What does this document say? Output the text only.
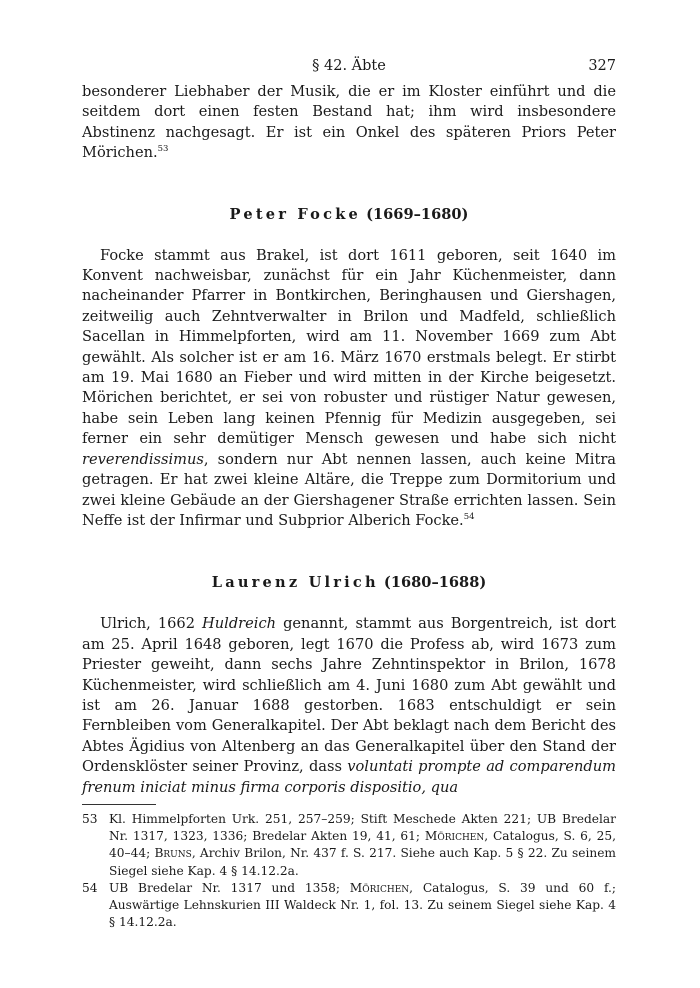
§ 42. Äbte	327

besonderer Liebhaber der Musik, die er im Kloster einführt und die seitdem dort einen festen Bestand hat; ihm wird insbesondere Abstinenz nachgesagt. Er ist ein Onkel des späteren Priors Peter Mörichen.$^{53}$

Peter Focke (1669–1680)

Focke stammt aus Brakel, ist dort 1611 geboren, seit 1640 im Konvent nachweisbar, zunächst für ein Jahr Küchenmeister, dann nacheinander Pfarrer in Bontkirchen, Beringhausen und Giershagen, zeitweilig auch Zehntverwalter in Brilon und Madfeld, schließlich Sacellan in Himmelpforten, wird am 11. November 1669 zum Abt gewählt. Als solcher ist er am 16. März 1670 erstmals belegt. Er stirbt am 19. Mai 1680 an Fieber und wird mitten in der Kirche beigesetzt. Mörichen berichtet, er sei von robuster und rüstiger Natur gewesen, habe sein Leben lang keinen Pfennig für Medizin ausgegeben, sei ferner ein sehr demütiger Mensch gewesen und habe sich nicht reverendissimus, sondern nur Abt nennen lassen, auch keine Mitra getragen. Er hat zwei kleine Altäre, die Treppe zum Dormitorium und zwei kleine Gebäude an der Giershagener Straße errichten lassen. Sein Neffe ist der Infirmar und Subprior Alberich Focke.$^{54}$

Laurenz Ulrich (1680–1688)

Ulrich, 1662 Huldreich genannt, stammt aus Borgentreich, ist dort am 25. April 1648 geboren, legt 1670 die Profess ab, wird 1673 zum Priester geweiht, dann sechs Jahre Zehntinspektor in Brilon, 1678 Küchenmeister, wird schließlich am 4. Juni 1680 zum Abt gewählt und ist am 26. Januar 1688 gestorben. 1683 entschuldigt er sein Fernbleiben vom Generalkapitel. Der Abt beklagt nach dem Bericht des Abtes Ägidius von Altenberg an das Generalkapitel über den Stand der Ordensklöster seiner Provinz, dass voluntati prompte ad comparendum frenum iniciat minus firma corporis dispositio, qua

53 Kl. Himmelpforten Urk. 251, 257–259; Stift Meschede Akten 221; UB Bredelar Nr. 1317, 1323, 1336; Bredelar Akten 19, 41, 61; Mörichen, Catalogus, S. 6, 25, 40–44; Bruns, Archiv Brilon, Nr. 437 f. S. 217. Siehe auch Kap. 5 § 22. Zu seinem Siegel siehe Kap. 4 § 14.12.2a.
54 UB Bredelar Nr. 1317 und 1358; Mörichen, Catalogus, S. 39 und 60 f.; Auswärtige Lehnskurien III Waldeck Nr. 1, fol. 13. Zu seinem Siegel siehe Kap. 4 § 14.12.2a.
